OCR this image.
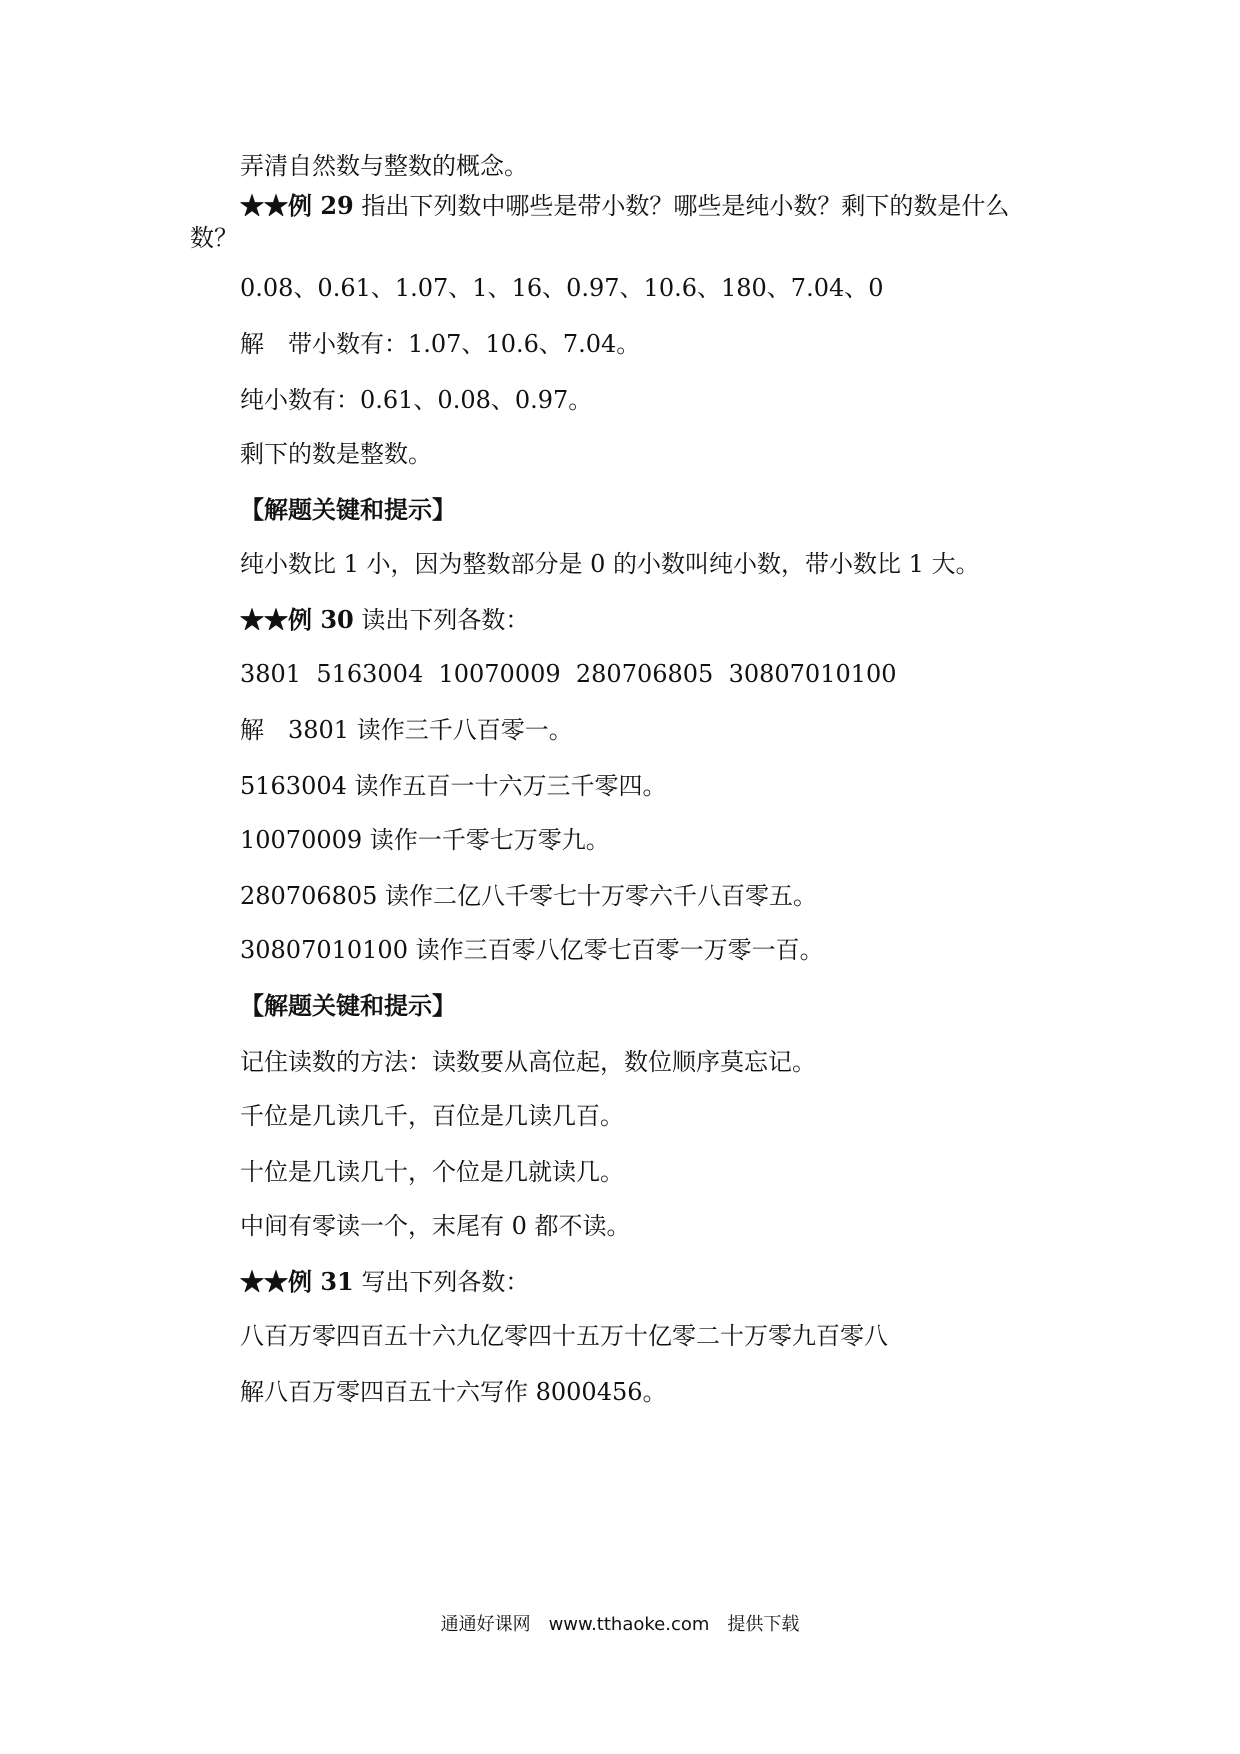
弄清自然数与整数的概念。
★★例 29 指出下列数中哪些是带小数？哪些是纯小数？剩下的数是什么
数？
0.08、0.61、1.07、1、16、0.97、10.6、180、7.04、0
解　带小数有：1.07、10.6、7.04。
纯小数有：0.61、0.08、0.97。
剩下的数是整数。
【解题关键和提示】
纯小数比 1 小，因为整数部分是 0 的小数叫纯小数，带小数比 1 大。
★★例 30 读出下列各数：
3801  5163004  10070009  280706805  30807010100
解　3801 读作三千八百零一。
5163004 读作五百一十六万三千零四。
10070009 读作一千零七万零九。
280706805 读作二亿八千零七十万零六千八百零五。
30807010100 读作三百零八亿零七百零一万零一百。
【解题关键和提示】
记住读数的方法：读数要从高位起，数位顺序莫忘记。
千位是几读几千，百位是几读几百。
十位是几读几十，个位是几就读几。
中间有零读一个，末尾有 0 都不读。
★★例 31 写出下列各数：
八百万零四百五十六九亿零四十五万十亿零二十万零九百零八
解八百万零四百五十六写作 8000456。
通通好课网　www.tthaoke.com　提供下载
